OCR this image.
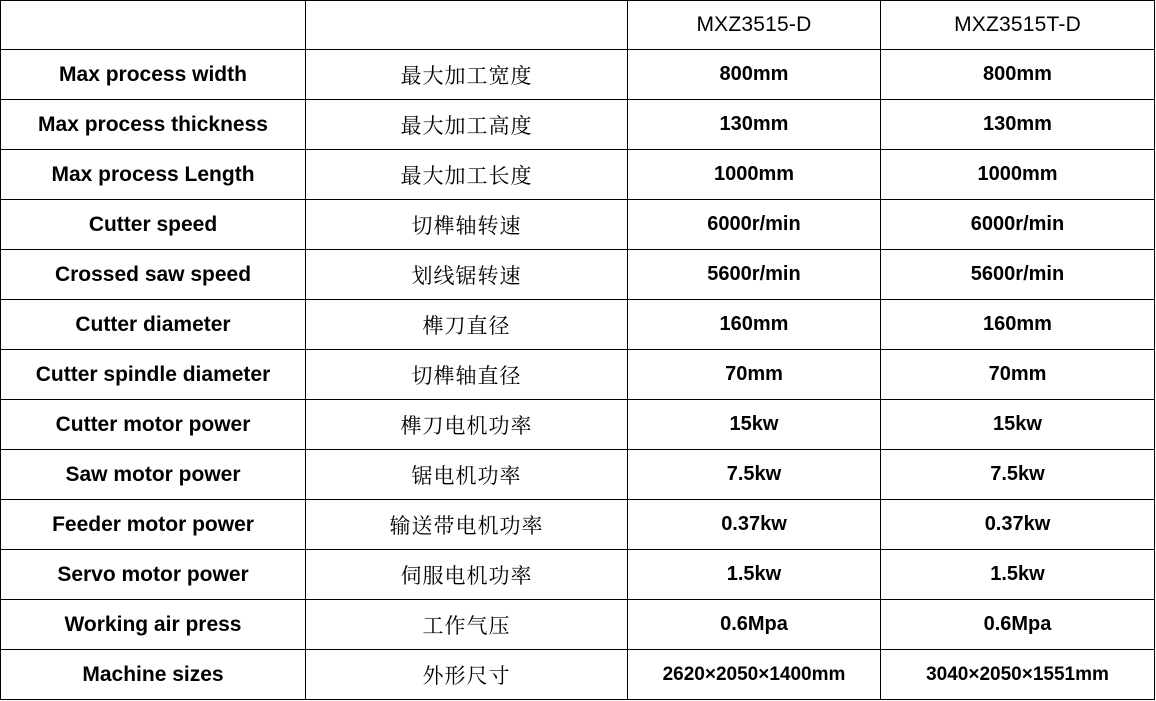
		MXZ3515-D	MXZ3515T-D
Max process width	最大加工宽度	800mm	800mm
Max process thickness	最大加工高度	130mm	130mm
Max process Length	最大加工长度	1000mm	1000mm
Cutter speed	切榫轴转速	6000r/min	6000r/min
Crossed saw speed	划线锯转速	5600r/min	5600r/min
Cutter diameter	榫刀直径	160mm	160mm
Cutter spindle diameter	切榫轴直径	70mm	70mm
Cutter motor power	榫刀电机功率	15kw	15kw
Saw motor power	锯电机功率	7.5kw	7.5kw
Feeder motor power	输送带电机功率	0.37kw	0.37kw
Servo motor power	伺服电机功率	1.5kw	1.5kw
Working air press	工作气压	0.6Mpa	0.6Mpa
Machine sizes	外形尺寸	2620×2050×1400mm	3040×2050×1551mm
